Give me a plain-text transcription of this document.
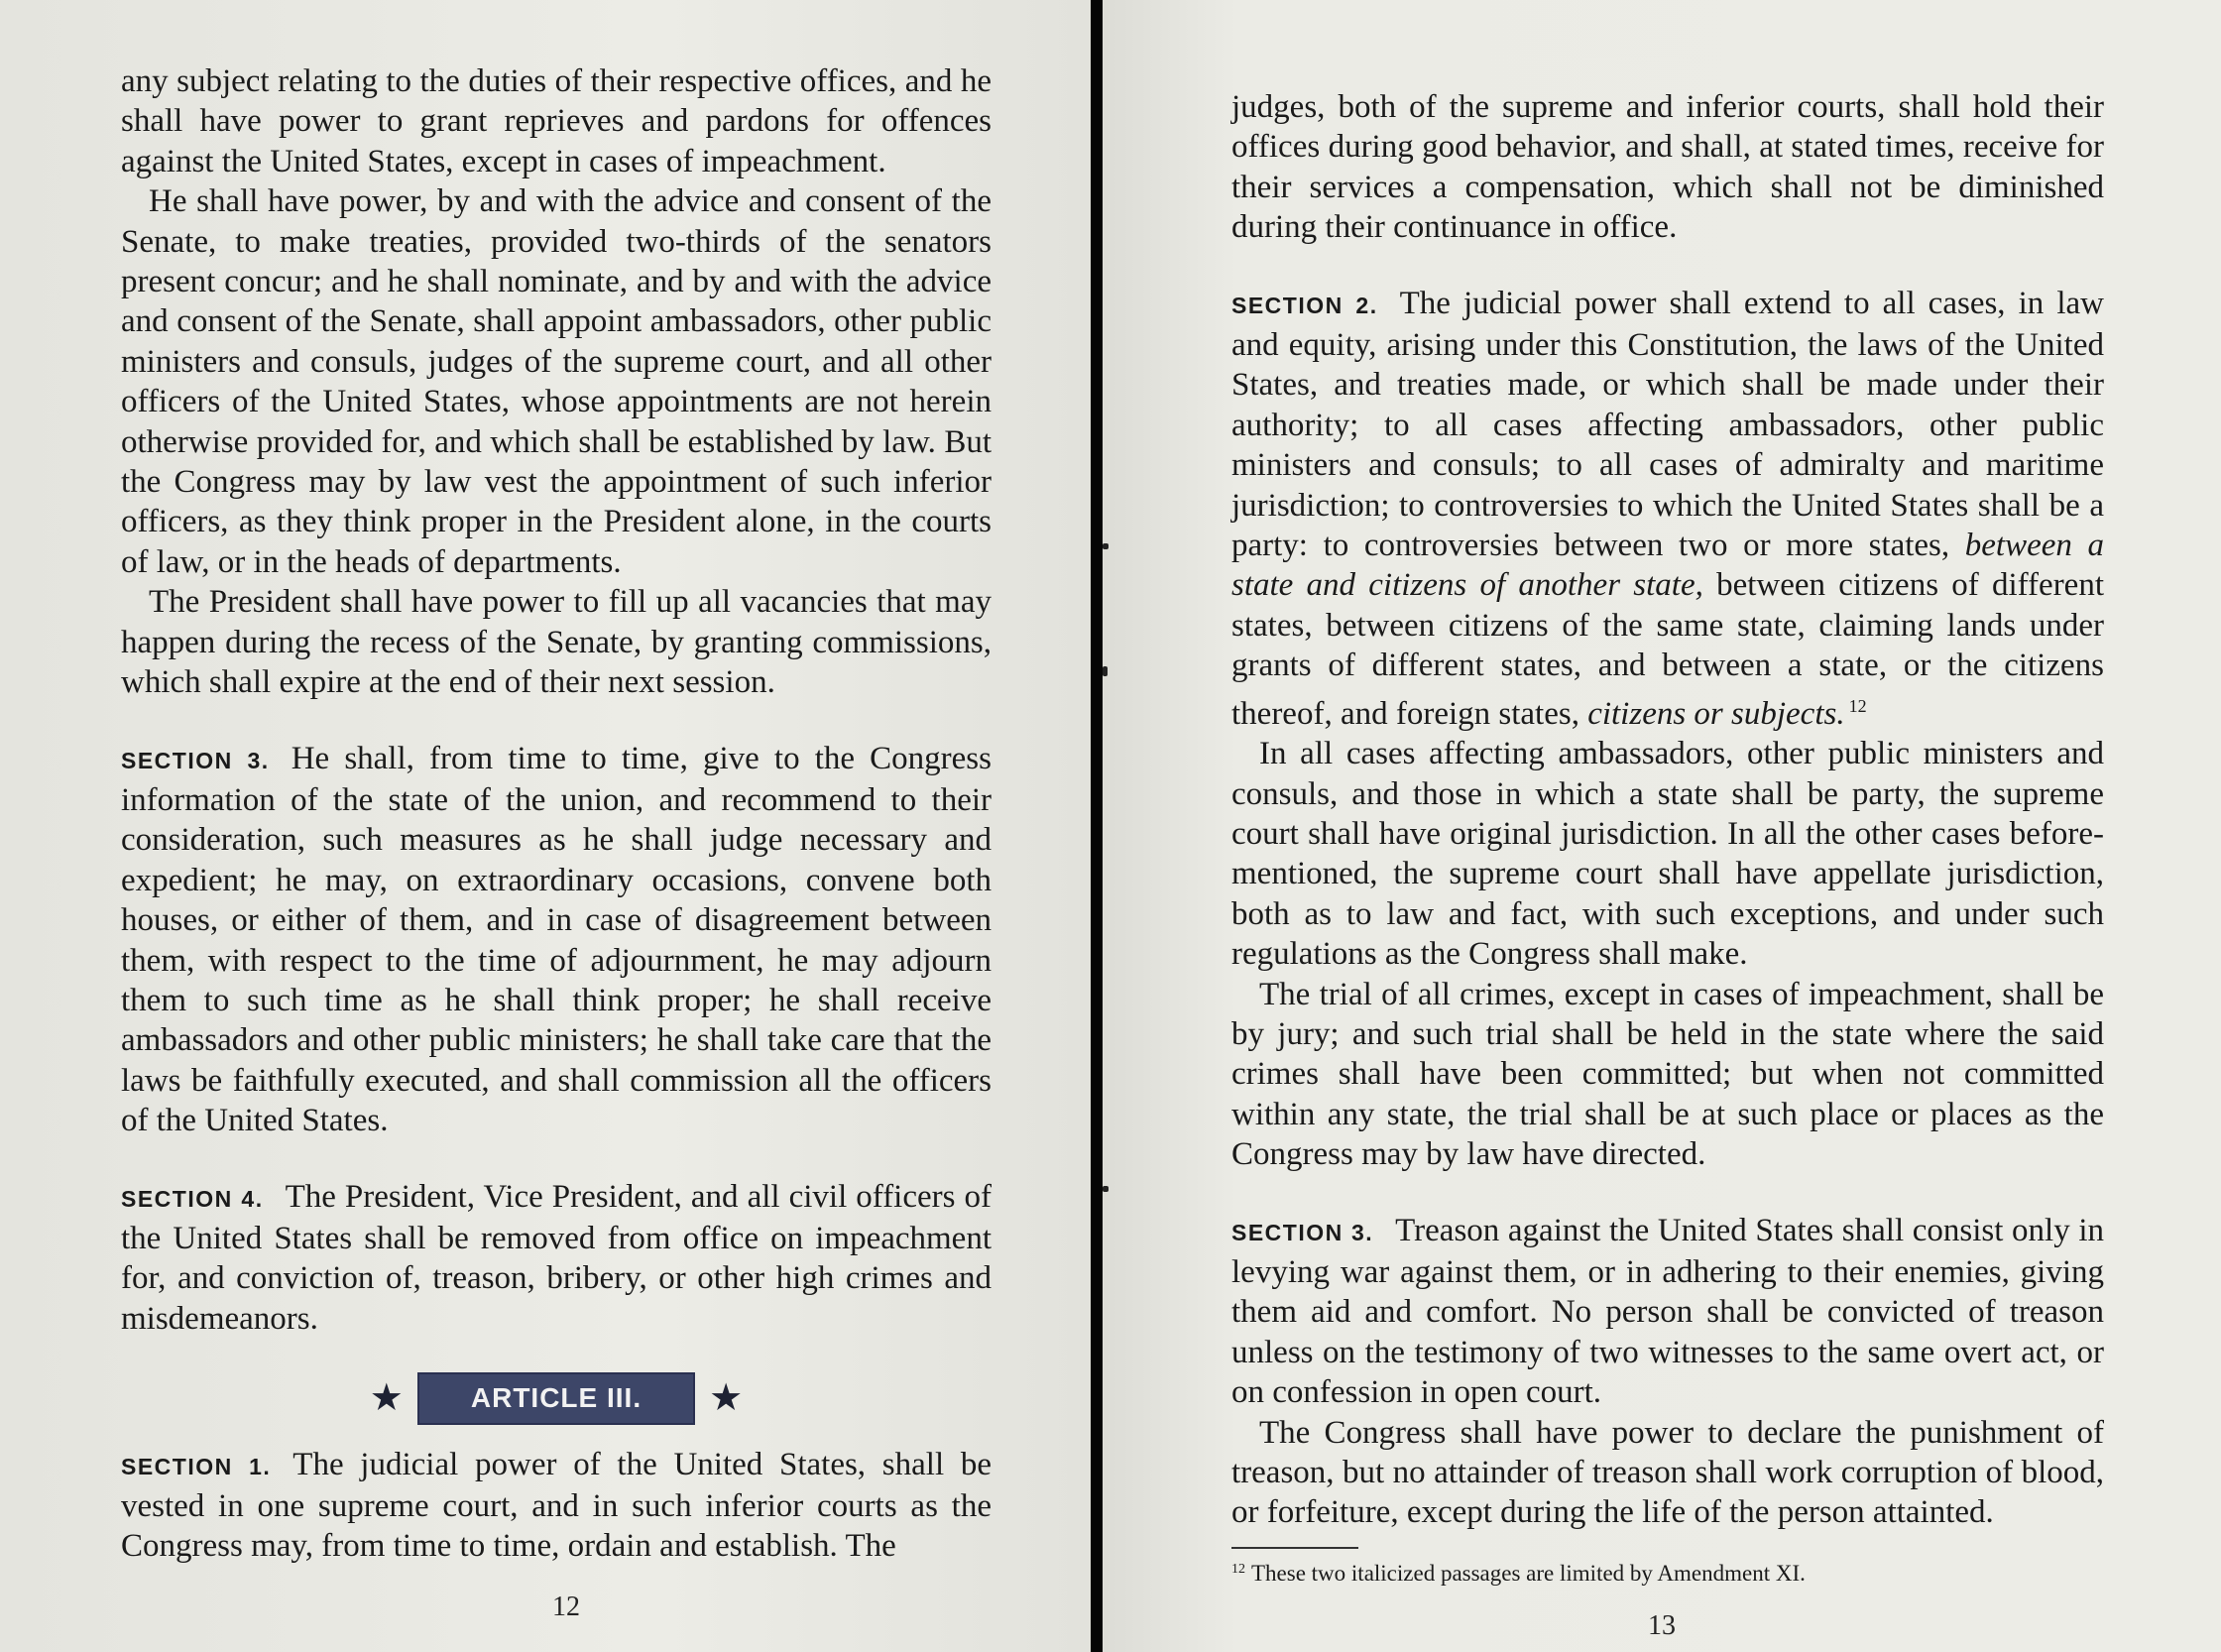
any subject relating to the duties of their respective offices, and he shall have power to grant reprieves and pardons for offences against the United States, except in cases of impeachment.

He shall have power, by and with the advice and consent of the Senate, to make treaties, provided two-thirds of the senators present concur; and he shall nominate, and by and with the advice and consent of the Senate, shall appoint ambassadors, other public ministers and consuls, judges of the supreme court, and all other officers of the United States, whose appointments are not herein otherwise provided for, and which shall be established by law. But the Congress may by law vest the appointment of such inferior officers, as they think proper in the President alone, in the courts of law, or in the heads of departments.

The President shall have power to fill up all vacancies that may happen during the recess of the Senate, by granting commissions, which shall expire at the end of their next session.

SECTION 3. He shall, from time to time, give to the Congress information of the state of the union, and recommend to their consideration, such measures as he shall judge necessary and expedient; he may, on extraordinary occasions, convene both houses, or either of them, and in case of disagreement between them, with respect to the time of adjournment, he may adjourn them to such time as he shall think proper; he shall receive ambassadors and other public ministers; he shall take care that the laws be faithfully executed, and shall commission all the officers of the United States.

SECTION 4. The President, Vice President, and all civil officers of the United States shall be removed from office on impeachment for, and conviction of, treason, bribery, or other high crimes and misdemeanors.

★	ARTICLE III.	★

SECTION 1. The judicial power of the United States, shall be vested in one supreme court, and in such inferior courts as the Congress may, from time to time, ordain and establish. The

12

judges, both of the supreme and inferior courts, shall hold their offices during good behavior, and shall, at stated times, receive for their services a compensation, which shall not be diminished during their continuance in office.

SECTION 2. The judicial power shall extend to all cases, in law and equity, arising under this Constitution, the laws of the United States, and treaties made, or which shall be made under their authority; to all cases affecting ambassadors, other public ministers and consuls; to all cases of admiralty and maritime jurisdiction; to controversies to which the United States shall be a party: to controversies between two or more states, between a state and citizens of another state, between citizens of different states, between citizens of the same state, claiming lands under grants of different states, and between a state, or the citizens thereof, and foreign states, citizens or subjects. $^{12}$

In all cases affecting ambassadors, other public ministers and consuls, and those in which a state shall be party, the supreme court shall have original jurisdiction. In all the other cases before-mentioned, the supreme court shall have appellate jurisdiction, both as to law and fact, with such exceptions, and under such regulations as the Congress shall make.

The trial of all crimes, except in cases of impeachment, shall be by jury; and such trial shall be held in the state where the said crimes shall have been committed; but when not committed within any state, the trial shall be at such place or places as the Congress may by law have directed.

SECTION 3. Treason against the United States shall consist only in levying war against them, or in adhering to their enemies, giving them aid and comfort. No person shall be convicted of treason unless on the testimony of two witnesses to the same overt act, or on confession in open court.

The Congress shall have power to declare the punishment of treason, but no attainder of treason shall work corruption of blood, or forfeiture, except during the life of the person attainted.

$^{12}$ These two italicized passages are limited by Amendment XI.

13
